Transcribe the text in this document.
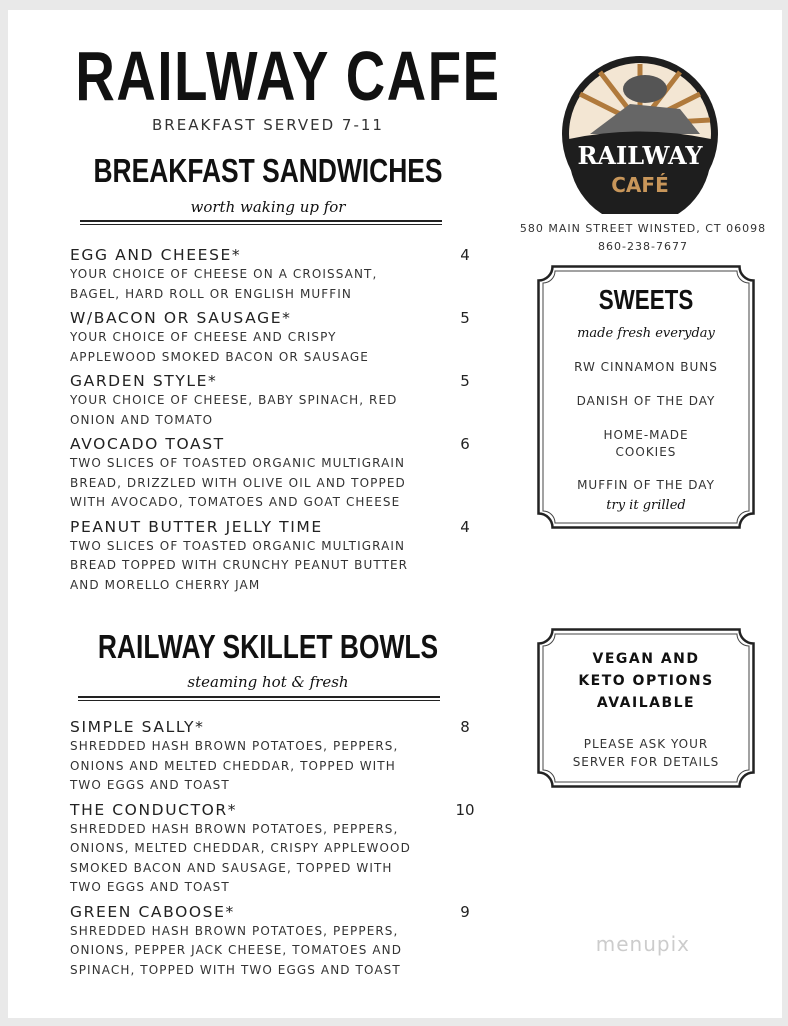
RAILWAY CAFE
BREAKFAST SERVED 7-11
RAILWAY
CAFÉ
580 MAIN STREET WINSTED, CT 06098
860-238-7677
BREAKFAST SANDWICHES
worth waking up for
EGG AND CHEESE*	4
YOUR CHOICE OF CHEESE ON A CROISSANT,
BAGEL, HARD ROLL OR ENGLISH MUFFIN
W/BACON OR SAUSAGE*	5
YOUR CHOICE OF CHEESE AND CRISPY
APPLEWOOD SMOKED BACON OR SAUSAGE
GARDEN STYLE*	5
YOUR CHOICE OF CHEESE, BABY SPINACH, RED
ONION AND TOMATO
AVOCADO TOAST	6
TWO SLICES OF TOASTED ORGANIC MULTIGRAIN
BREAD, DRIZZLED WITH OLIVE OIL AND TOPPED
WITH AVOCADO, TOMATOES AND GOAT CHEESE
PEANUT BUTTER JELLY TIME	4
TWO SLICES OF TOASTED ORGANIC MULTIGRAIN
BREAD TOPPED WITH CRUNCHY PEANUT BUTTER
AND MORELLO CHERRY JAM
RAILWAY SKILLET BOWLS
steaming hot & fresh
SIMPLE SALLY*	8
SHREDDED HASH BROWN POTATOES, PEPPERS,
ONIONS AND MELTED CHEDDAR, TOPPED WITH
TWO EGGS AND TOAST
THE CONDUCTOR*	10
SHREDDED HASH BROWN POTATOES, PEPPERS,
ONIONS, MELTED CHEDDAR, CRISPY APPLEWOOD
SMOKED BACON AND SAUSAGE, TOPPED WITH
TWO EGGS AND TOAST
GREEN CABOOSE*	9
SHREDDED HASH BROWN POTATOES, PEPPERS,
ONIONS, PEPPER JACK CHEESE, TOMATOES AND
SPINACH, TOPPED WITH TWO EGGS AND TOAST
SWEETS
made fresh everyday
RW CINNAMON BUNS
DANISH OF THE DAY
HOME-MADE
COOKIES
MUFFIN OF THE DAY
try it grilled
VEGAN AND
KETO OPTIONS
AVAILABLE
PLEASE ASK YOUR
SERVER FOR DETAILS
menupix
